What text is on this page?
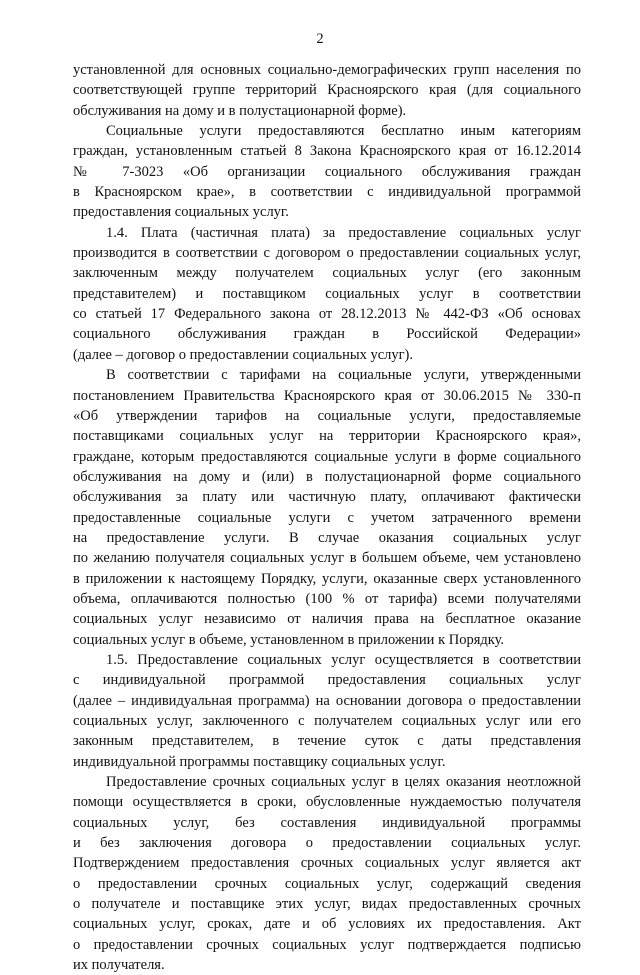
2
установленной для основных социально-демографических групп населения по
соответствующей группе территорий Красноярского края (для социального
обслуживания на дому и в полустационарной форме).
Социальные услуги предоставляются бесплатно иным категориям
граждан, установленным статьей 8 Закона Красноярского края от 16.12.2014
№ 7-3023 «Об организации социального обслуживания граждан
в Красноярском крае», в соответствии с индивидуальной программой
предоставления социальных услуг.
1.4. Плата (частичная плата) за предоставление социальных услуг
производится в соответствии с договором о предоставлении социальных услуг,
заключенным между получателем социальных услуг (его законным
представителем) и поставщиком социальных услуг в соответствии
со статьей 17 Федерального закона от 28.12.2013 № 442-ФЗ «Об основах
социального обслуживания граждан в Российской Федерации»
(далее – договор о предоставлении социальных услуг).
В соответствии с тарифами на социальные услуги, утвержденными
постановлением Правительства Красноярского края от 30.06.2015 № 330-п
«Об утверждении тарифов на социальные услуги, предоставляемые
поставщиками социальных услуг на территории Красноярского края»,
граждане, которым предоставляются социальные услуги в форме социального
обслуживания на дому и (или) в полустационарной форме социального
обслуживания за плату или частичную плату, оплачивают фактически
предоставленные социальные услуги с учетом затраченного времени
на предоставление услуги. В случае оказания социальных услуг
по желанию получателя социальных услуг в большем объеме, чем установлено
в приложении к настоящему Порядку, услуги, оказанные сверх установленного
объема, оплачиваются полностью (100 % от тарифа) всеми получателями
социальных услуг независимо от наличия права на бесплатное оказание
социальных услуг в объеме, установленном в приложении к Порядку.
1.5. Предоставление социальных услуг осуществляется в соответствии
с индивидуальной программой предоставления социальных услуг
(далее – индивидуальная программа) на основании договора о предоставлении
социальных услуг, заключенного с получателем социальных услуг или его
законным представителем, в течение суток с даты представления
индивидуальной программы поставщику социальных услуг.
Предоставление срочных социальных услуг в целях оказания неотложной
помощи осуществляется в сроки, обусловленные нуждаемостью получателя
социальных услуг, без составления индивидуальной программы
и без заключения договора о предоставлении социальных услуг.
Подтверждением предоставления срочных социальных услуг является акт
о предоставлении срочных социальных услуг, содержащий сведения
о получателе и поставщике этих услуг, видах предоставленных срочных
социальных услуг, сроках, дате и об условиях их предоставления. Акт
о предоставлении срочных социальных услуг подтверждается подписью
их получателя.
